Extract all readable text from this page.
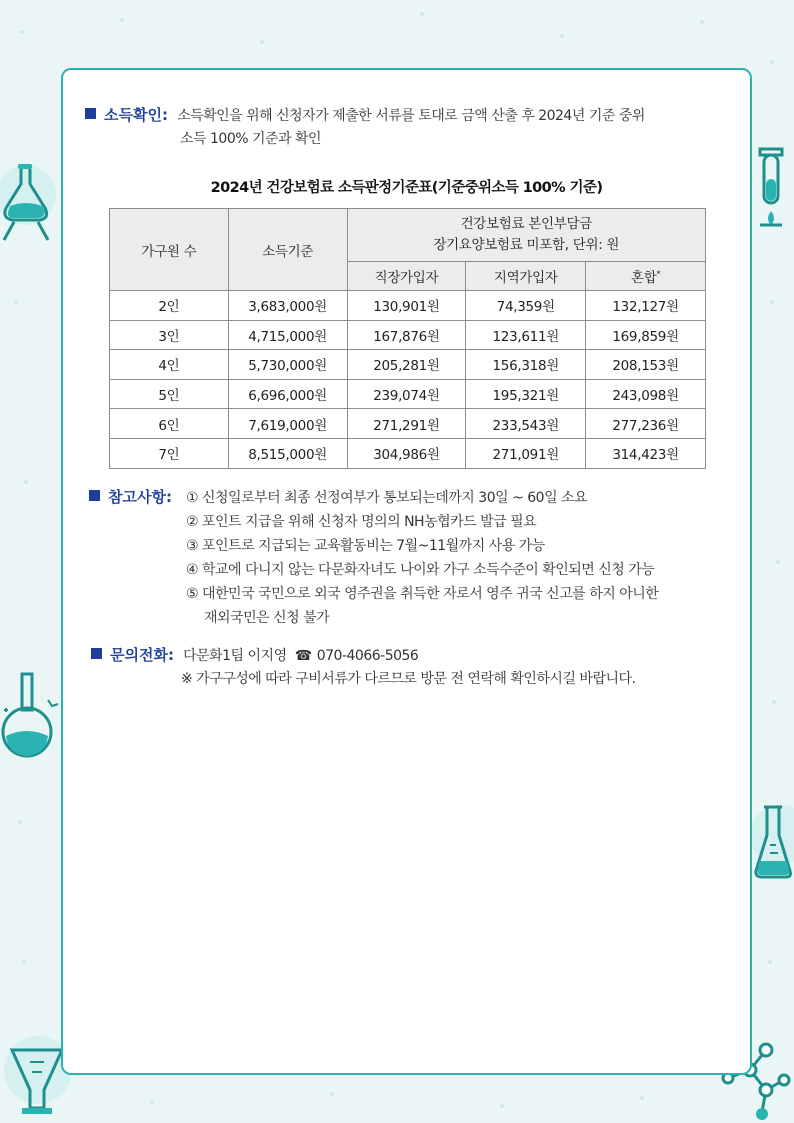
소득확인: 소득확인을 위해 신청자가 제출한 서류를 토대로 금액 산출 후 2024년 기준 중위
소득 100% 기준과 확인
2024년 건강보험료 소득판정기준표(기준중위소득 100% 기준)
가구원 수	소득기준	건강보험료 본인부담금
장기요양보험료 미포함, 단위: 원		

		직장가입자	지역가입자	혼합*
2인	3,683,000원	130,901원	74,359원	132,127원
3인	4,715,000원	167,876원	123,611원	169,859원
4인	5,730,000원	205,281원	156,318원	208,153원
5인	6,696,000원	239,074원	195,321원	243,098원
6인	7,619,000원	271,291원	233,543원	277,236원
7인	8,515,000원	304,986원	271,091원	314,423원
참고사항: ① 신청일로부터 최종 선정여부가 통보되는데까지 30일 ~ 60일 소요
② 포인트 지급을 위해 신청자 명의의 NH농협카드 발급 필요
③ 포인트로 지급되는 교육활동비는 7월~11월까지 사용 가능
④ 학교에 다니지 않는 다문화자녀도 나이와 가구 소득수준이 확인되면 신청 가능
⑤ 대한민국 국민으로 외국 영주권을 취득한 자로서 영주 귀국 신고를 하지 아니한
재외국민은 신청 불가
문의전화: 다문화1팀 이지영 ☎ 070-4066-5056
※ 가구구성에 따라 구비서류가 다르므로 방문 전 연락해 확인하시길 바랍니다.
